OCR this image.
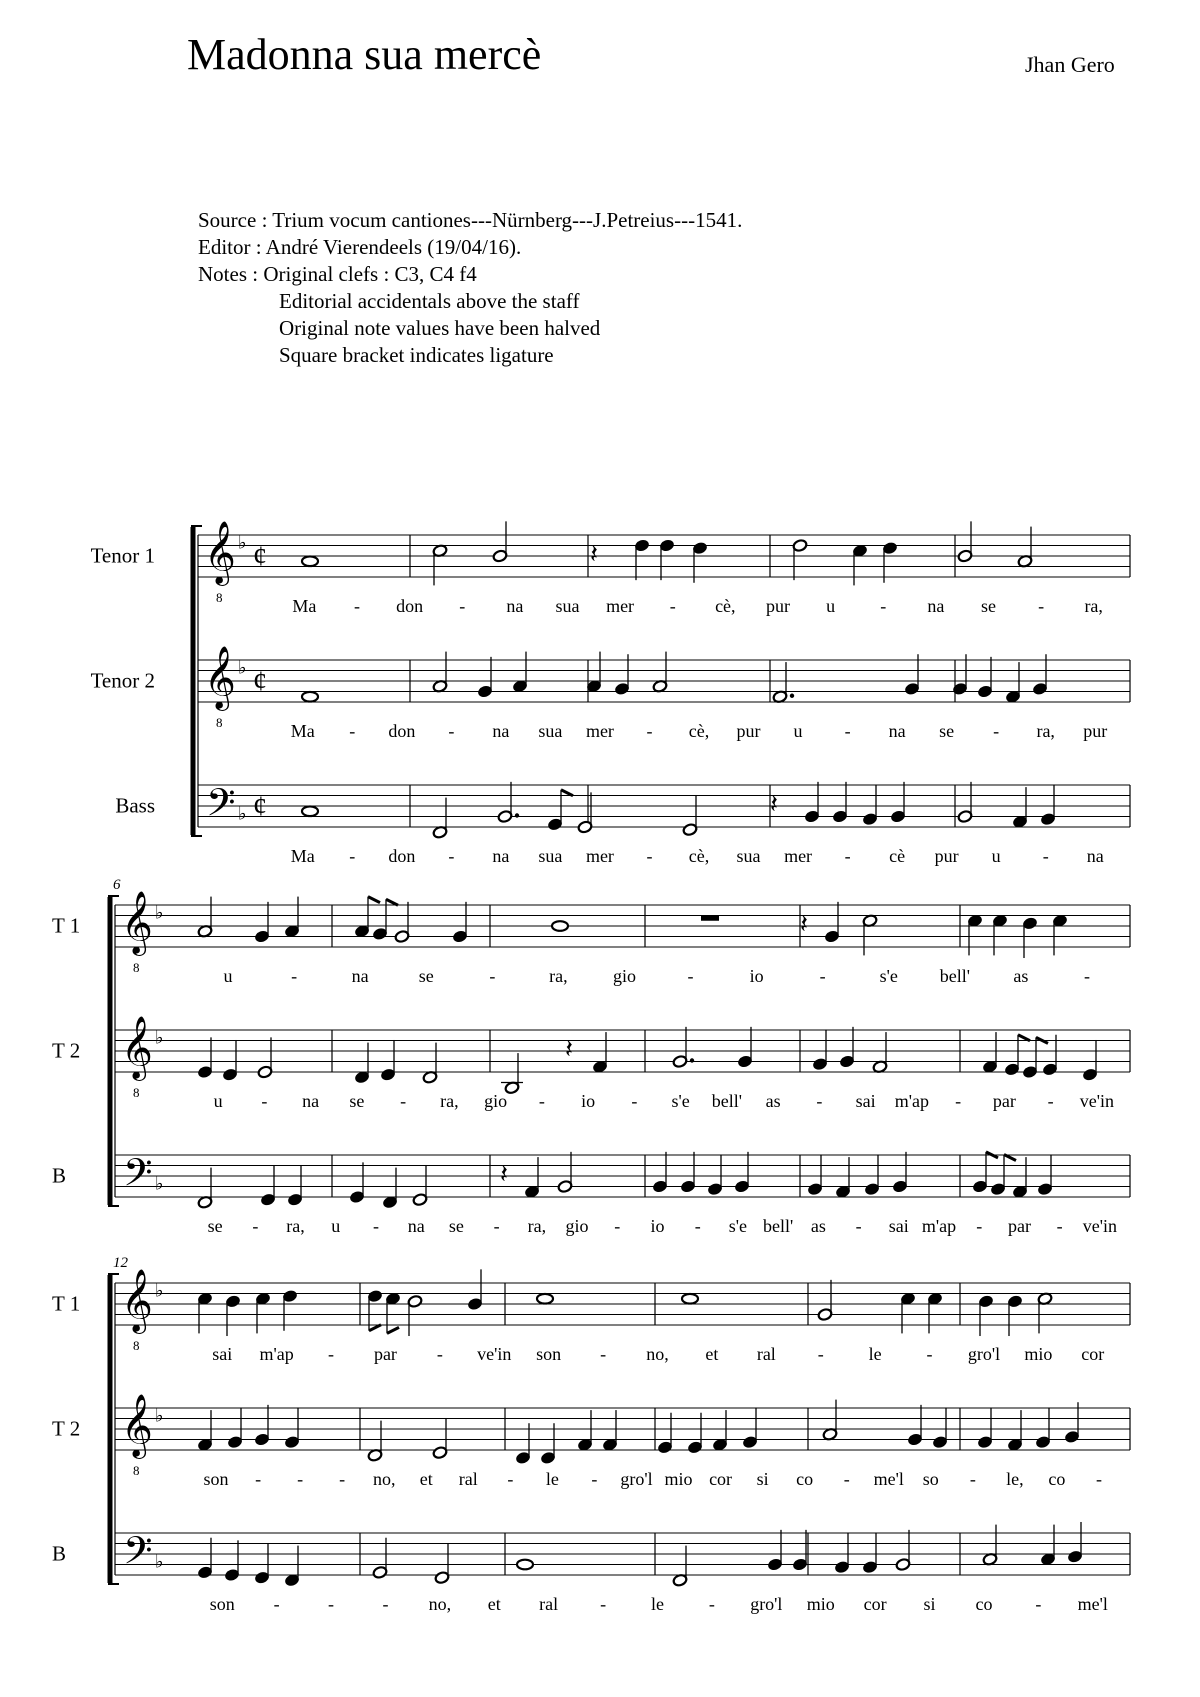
Madonna sua mercè	Jhan Gero
Source : Trium vocum cantiones---Nürnberg---J.Petreius---1541.
Editor : André Vierendeels (19/04/16).
Notes : Original clefs : C3, C4 f4
Editorial accidentals above the staff
Original note values have been halved
Square bracket indicates ligature
Tenor 1 𝄞
8
♭ ¢	𝄽
Ma - don - na sua mer - cè, pur u	- na se - ra,
Tenor 2 𝄞
8
♭ ¢
Ma - don - na sua mer - cè, pur u - na se - ra, pur
Bass 𝄢 ♭ ¢	𝄽
Ma - don - na sua mer - cè, sua mer - cè pur u - na
6
T 1 𝄞
8
♭	𝄽
u	-	na	se	-	ra,	gio	-	io	-	s'e bell' as	-
T 2 𝄞
8
♭	𝄽
u - na se - ra, gio - io - s'e bell' as - sai m'ap - par - ve'in
B 𝄢 ♭	𝄽
se - ra, u - na se - ra, gio - io - s'e bell' as - sai m'ap - par - ve'in
12
T 1 𝄞
8
♭
sai m'ap - par - ve'in son - no, et ral - le - gro'l mio cor
T 2 𝄞
8
♭
son - - - no, et ral - le - gro'l mio cor si co - me'l so - le, co -
B 𝄢 ♭
son -	-	- no, et ral - le - gro'l mio cor si co - me'l
